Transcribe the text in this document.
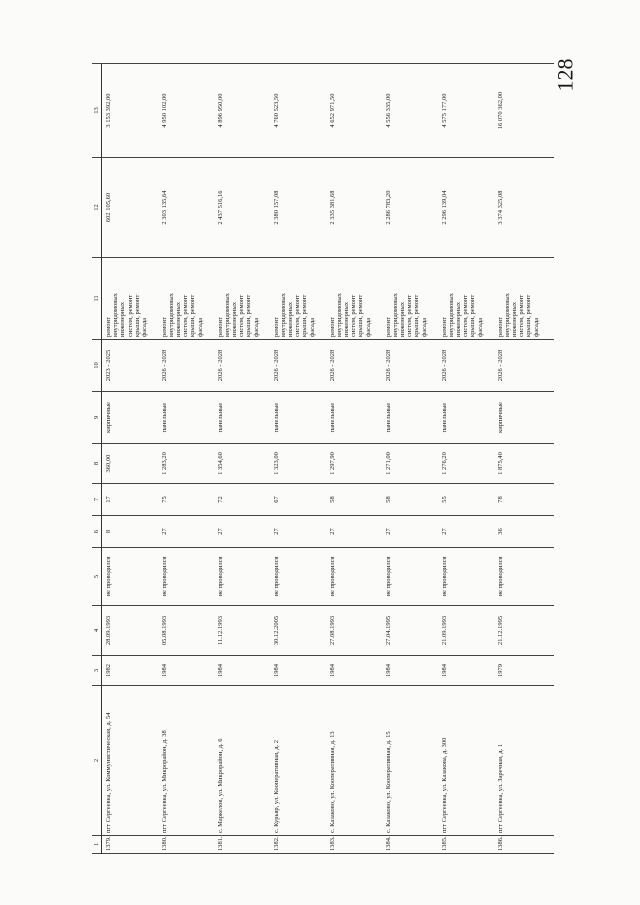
128
1	2	3	4	5	6	7	8	9	10	11	12	13
1379.	пгт Сергеевка, ул. Коммунистическая, д. 54	1982	28.09.1993	не проводился	8	17	360,00	кирпичные	2023 - 2025	ремонт внутридомовых инженерных систем, ремонт крыши, ремонт фасада	602 105,60	3 153 392,00
1380.	пгт Сергеевка, ул. Микрорайон, д. 38	1984	05.08.1993	не проводился	27	75	1 283,20	панельные	2026 - 2028	ремонт внутридомовых инженерных систем, ремонт крыши, ремонт фасада	2 303 135,64	4 950 102,00
1381.	с. Маркелов, ул. Микрорайон, д. 6	1984	11.12.1993	не проводился	27	72	1 354,60	панельные	2026 - 2028	ремонт внутридомовых инженерных систем, ремонт крыши, ремонт фасада	2 437 516,16	4 896 950,00
1382.	с. Курьяр, ул. Кооперативная, д. 2	1984	30.12.2005	не проводился	27	67	1 323,00	панельные	2026 - 2028	ремонт внутридомовых инженерных систем, ремонт крыши, ремонт фасада	2 380 157,08	4 760 523,50
1383.	с. Казаково, ул. Кооперативная, д. 13	1984	27.08.1993	не проводился	27	58	1 297,90	панельные	2026 - 2028	ремонт внутридомовых инженерных систем, ремонт крыши, ремонт фасада	2 335 381,68	4 652 971,50
1384.	с. Казаково, ул. Кооперативная, д. 15	1984	27.04.1995	не проводился	27	58	1 271,00	панельные	2026 - 2028	ремонт внутридомовых инженерных систем, ремонт крыши, ремонт фасада	2 286 783,20	4 556 335,00
1385.	пгт Сергеевка, ул. Казакова, д. 300	1984	21.09.1993	не проводился	27	55	1 276,20	панельные	2026 - 2028	ремонт внутридомовых инженерных систем, ремонт крыши, ремонт фасада	2 296 139,04	4 575 177,00
1386.	пгт Сергеевка, ул. Заречная, д. 1	1979	21.12.1995	не проводился	36	78	1 875,40	кирпичные	2026 - 2028	ремонт внутридомовых инженерных систем, ремонт крыши, ремонт фасада	3 374 325,08	16 070 362,00
